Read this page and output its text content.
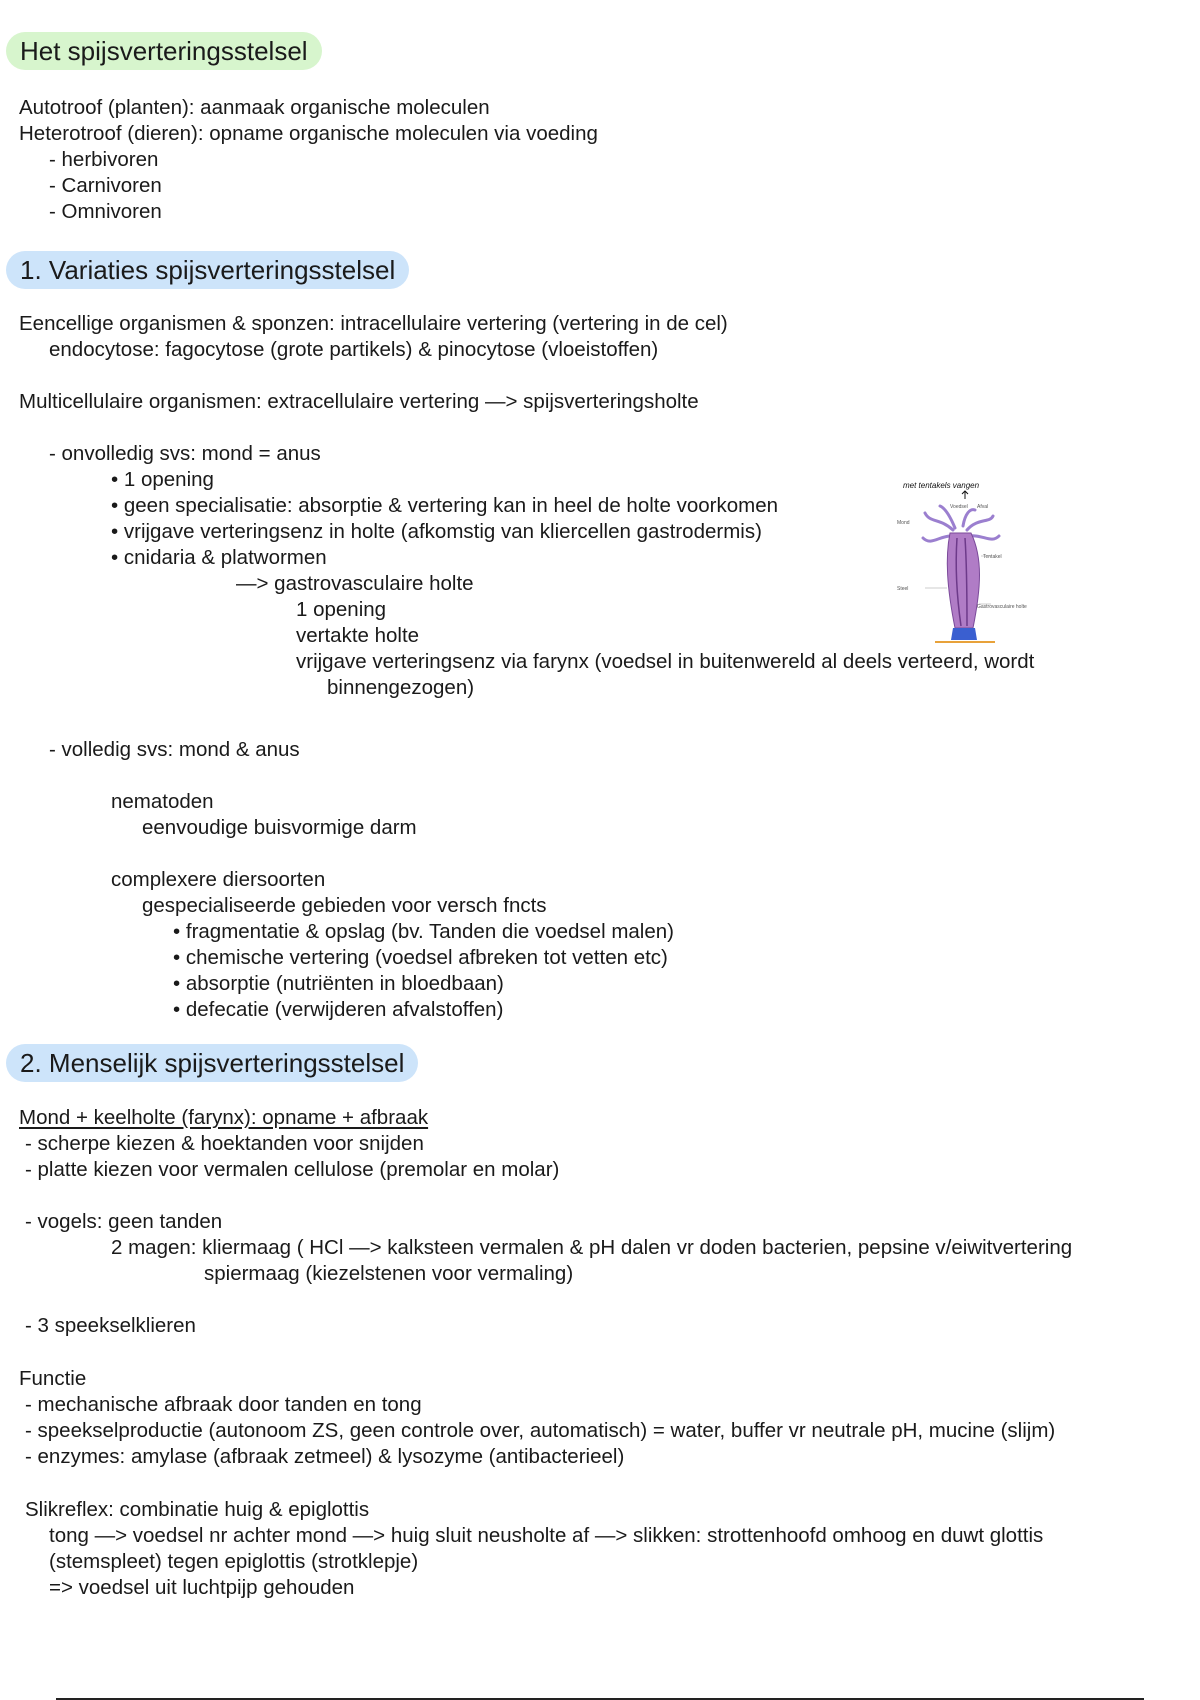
Het spijsverteringsstelsel
Autotroof (planten): aanmaak organische moleculen
Heterotroof (dieren): opname organische moleculen via voeding
- herbivoren
- Carnivoren
- Omnivoren
1. Variaties spijsverteringsstelsel
Eencellige organismen & sponzen: intracellulaire vertering (vertering in de cel)
endocytose: fagocytose (grote partikels) & pinocytose (vloeistoffen)
Multicellulaire organismen: extracellulaire vertering —> spijsverteringsholte
- onvolledig svs: mond = anus
• 1 opening
• geen specialisatie: absorptie & vertering kan in heel de holte voorkomen
• vrijgave verteringsenz in holte (afkomstig van kliercellen gastrodermis)
• cnidaria & platwormen
—> gastrovasculaire holte
1 opening
vertakte holte
vrijgave verteringsenz via farynx (voedsel in buitenwereld al deels verteerd, wordt
binnengezogen)
met tentakels vangen
Voedsel Afval
Mond
Steel
Tentakel
Gastrovasculaire holte
- volledig svs: mond & anus
nematoden
eenvoudige buisvormige darm
complexere diersoorten
gespecialiseerde gebieden voor versch fncts
• fragmentatie & opslag (bv. Tanden die voedsel malen)
• chemische vertering (voedsel afbreken tot vetten etc)
• absorptie (nutriënten in bloedbaan)
• defecatie (verwijderen afvalstoffen)
2. Menselijk spijsverteringsstelsel
Mond + keelholte (farynx): opname + afbraak
- scherpe kiezen & hoektanden voor snijden
- platte kiezen voor vermalen cellulose (premolar en molar)
- vogels: geen tanden
2 magen: kliermaag ( HCl —> kalksteen vermalen & pH dalen vr doden bacterien, pepsine v/eiwitvertering
spiermaag (kiezelstenen voor vermaling)
- 3 speekselklieren
Functie
- mechanische afbraak door tanden en tong
- speekselproductie (autonoom ZS, geen controle over, automatisch) = water, buffer vr neutrale pH, mucine (slijm)
- enzymes: amylase (afbraak zetmeel) & lysozyme (antibacterieel)
Slikreflex: combinatie huig & epiglottis
tong —> voedsel nr achter mond —> huig sluit neusholte af —> slikken: strottenhoofd omhoog en duwt glottis
(stemspleet) tegen epiglottis (strotklepje)
=> voedsel uit luchtpijp gehouden
